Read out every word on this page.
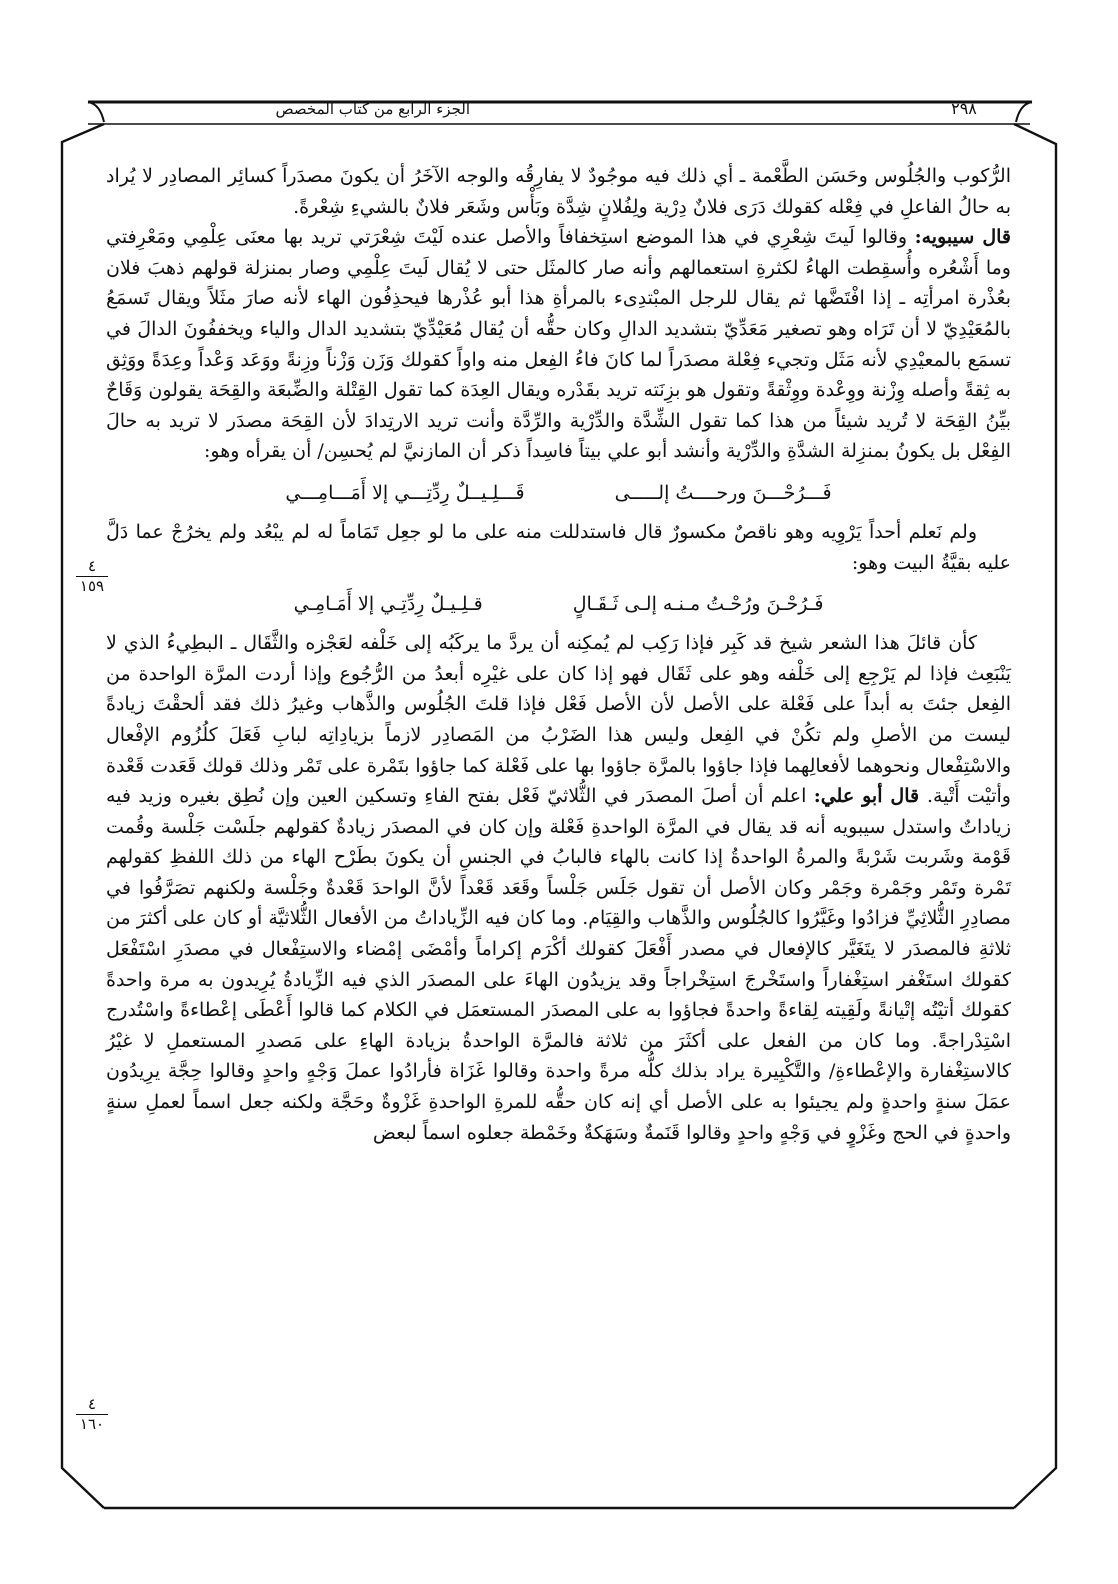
الجزء الرابع من كتاب المخصص	٢٩٨
٤
١٥٩
٤
١٦٠

الرُّكوب والجُلُوس وحَسَن الطَّعْمة ـ أي ذلك فيه موجُودٌ لا يفارِقُه والوجه الآخَرُ أن يكونَ مصدَراً كسائِر المصادِر لا يُراد به حالُ الفاعلِ في فِعْله كقولك دَرَى فلانٌ دِرْية ولِفُلانٍ شِدَّة وبَأْس وشَعَر فلانٌ بالشيءِ شِعْرةً.

قال سيبويه: وقالوا لَيتَ شِعْرِي في هذا الموضع استِخفافاً والأصل عنده لَيْتَ شِعْرَتي تريد بها معنَى عِلْمِي ومَعْرِفتي وما أَشْعُره وأُسقِطت الهاءُ لكثرةِ استعمالهم وأنه صار كالمثَل حتى لا يُقال لَيتَ عِلْمِي وصار بمنزلة قولهم ذهبَ فلان بعُذْرة امرأتِه ـ إذا افْتَضَّها ثم يقال للرجل المبْتدِىء بالمرأةِ هذا أبو عُذْرها فيحذِفُون الهاء لأنه صارَ مثَلاً ويقال تَسمَعُ بالمُعَيْدِيّ لا أن تَرَاه وهو تصغير مَعَدِّيّ بتشديد الدالِ وكان حقُّه أن يُقال مُعَيْدِّيّ بتشديد الدال والياء ويخففُونَ الدالَ في تسمَع بالمعيْدِي لأنه مَثَل وتجيء فِعْلة مصدَراً لما كانَ فاءُ الفِعل منه واواً كقولك وَزَن وَزْناً وزِنةً ووَعَد وَعْداً وعِدَةً ووَثِق به ثِقةً وأصله وِزْنة ووِعْدة ووِثْقةً وتقول هو بزِنَته تريد بقَدْره ويقال العِدَة كما تقول القِتْلة والضِّبعَة والقِحَة يقولون وَقَاحٌ بيِّنُ القِحَة لا تُريد شيئاً من هذا كما تقول الشِّدَّة والدِّرْية والرِّدَّة وأنت تريد الارتِدادَ لأن القِحَة مصدَر لا تريد به حالَ الفِعْل بل يكونُ بمنزِلة الشدَّةِ والدِّرْية وأنشد أبو علي بيتاً فاسِداً ذكر أن المازنيَّ لم يُحسِن/ أن يقرأه وهو:

فَـــرُحْـــنَ ورحــــتُ إلـــــى
قَـــلِـيــلٌ رِدِّتِـــي إلا أَمَـــامِـــي

ولم نَعلم أحداً يَرْوِيه وهو ناقصٌ مكسورٌ قال فاستدللت منه على ما لو جعِل تَمَاماً له لم يبْعُد ولم يخرُجْ عما دَلَّ عليه بقيَّةُ البيت وهو:

فَـرُحْـنَ ورُحْـتُ مـنـه إلـى ثَـقَـالٍ
قـلِـيـلٌ رِدِّتِـي إلا أَمَـامِـي

كأن قائلَ هذا الشعر شيخ قد كَبِر فإذا رَكِب لم يُمكِنه أن يردَّ ما يركَبُه إلى خَلْفه لعَجْزه والثَّقَال ـ البطِيءُ الذي لا يَنْبَعِث فإذا لم يَرْجِع إلى خَلْفه وهو على ثَقَال فهو إذا كان على غيْرِه أبعدُ من الرُّجُوع وإذا أردت المرَّة الواحدة من الفِعل جئتَ به أبداً على فَعْلة على الأصل لأن الأصل فَعْل فإذا قلتَ الجُلُوس والذَّهاب وغيرُ ذلك فقد ألحقْتَ زيادةً ليست من الأصلِ ولم تكُنْ في الفِعل وليس هذا الضَرْبُ من المَصادِر لازماً بزيادِاتِه لبابِ فَعَلَ كلُزُوم الإفْعال والاسْتِفْعال ونحوهما لأفعالِهما فإذا جاؤوا بالمرَّة جاؤوا بها على فَعْلة كما جاؤوا بتَمْرة على تَمْر وذلك قولك قَعَدت قَعْدة وأتيْت أَتْية. قال أبو علي: اعلم أن أصلَ المصدَر في الثُّلاثيّ فَعْل بفتح الفاءِ وتسكين العين وإن نُطِق بغيره وزيد فيه زياداتٌ واستدل سيبويه أنه قد يقال في المرَّة الواحدةِ فَعْلة وإن كان في المصدَر زيادةٌ كقولهم جلَسْت جَلْسة وقُمت قَوْمة وشَربت شَرْبةً والمرةُ الواحدةُ إذا كانت بالهاء فالبابُ في الجنسِ أن يكونَ بطَرْح الهاء من ذلك اللفظِ كقولهم تَمْرة وتَمْر وجَمْرة وجَمْر وكان الأصل أن تقول جَلَس جَلْساً وقَعَد قَعْداً لأنَّ الواحدَ قَعْدةٌ وجَلْسة ولكنهم تصَرَّفُوا في مصادِرِ الثُّلاثِيِّ فزادُوا وغَيَّرُوا كالجُلُوس والذَّهاب والقِيَام. وما كان فيه الزِّياداتُ من الأفعال الثُّلاثيَّة أو كان على أكثرَ من ثلاثةِ فالمصدَر لا يتَغَيَّر كالإفعال في مصدر أَفْعَلَ كقولك أكْرَم إكراماً وأمْضَى إمْضاء والاستِفْعال في مصدَرِ اسْتَفْعَل كقولك استَغْفر استِغْفاراً واستَخْرجَ استِخْراجاً وقد يزيدُون الهاءَ على المصدَر الذي فيه الزِّيادةُ يُرِيدون به مرة واحدةً كقولك أتيْتُه إتْيانةً ولَقِيته لِقاءةً واحدةً فجاؤوا به على المصدَر المستعمَل في الكلام كما قالوا أَعْطَى إعْطاءةً واسْتُدرج اسْتِدْراجةً. وما كان من الفعل على أكثَرَ من ثلاثة فالمرَّة الواحدةُ بزيادة الهاءِ على مَصدرِ المستعملِ لا غيْرُ كالاستِغْفارة والإعْطاءةِ/ والتَّكْبِيرة يراد بذلك كلُّه مرةً واحدة وقالوا غَزَاة فأرادُوا عملَ وَجْهٍ واحدٍ وقالوا حِجَّة يرِيدُون عمَلَ سنةٍ واحدةٍ ولم يجيئوا به على الأصل أي إنه كان حقُّه للمرةِ الواحدةِ غَزْوةٌ وحَجَّة ولكنه جعل اسماً لعملِ سنةٍ واحدةٍ في الحج وغَزْوٍ في وَجْهٍ واحدٍ وقالوا قَنَمةٌ وسَهَكةٌ وخَمْطة جعلوه اسماً لبعض
